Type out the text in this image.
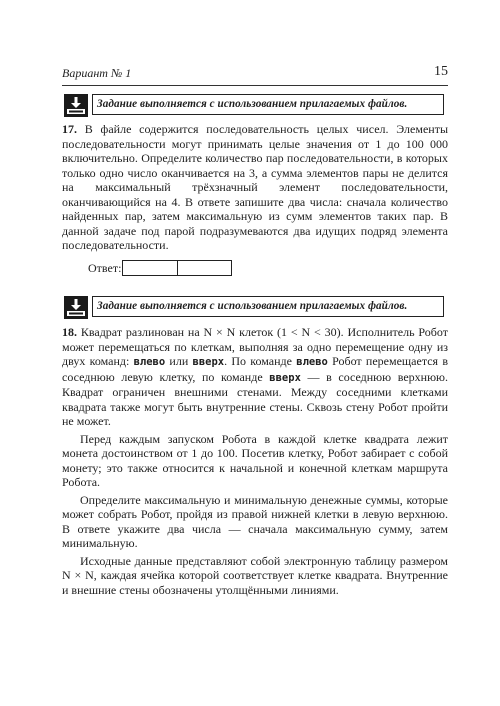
Вариант № 1	15
Задание выполняется с использованием прилагаемых файлов.

17. В файле содержится последовательность целых чисел. Элементы последовательности могут принимать целые значения от 1 до 100 000 включительно. Определите количество пар последовательности, в которых только одно число оканчивается на 3, а сумма элементов пары не делится на максимальный трёхзначный элемент последовательности, оканчивающийся на 4. В ответе запишите два числа: сначала количество найденных пар, затем максимальную из сумм элементов таких пар. В данной задаче под парой подразумеваются два идущих подряд элемента последовательности.

Ответ:
Задание выполняется с использованием прилагаемых файлов.

18. Квадрат разлинован на N × N клеток (1 < N < 30). Исполнитель Робот может перемещаться по клеткам, выполняя за одно перемещение одну из двух команд: влево или вверх. По команде влево Робот перемещается в соседнюю левую клетку, по команде вверх — в соседнюю верхнюю. Квадрат ограничен внешними стенами. Между соседними клетками квадрата также могут быть внутренние стены. Сквозь стену Робот пройти не может.

Перед каждым запуском Робота в каждой клетке квадрата лежит монета достоинством от 1 до 100. Посетив клетку, Робот забирает с собой монету; это также относится к начальной и конечной клеткам маршрута Робота.

Определите максимальную и минимальную денежные суммы, которые может собрать Робот, пройдя из правой нижней клетки в левую верхнюю. В ответе укажите два числа — сначала максимальную сумму, затем минимальную.

Исходные данные представляют собой электронную таблицу размером N × N, каждая ячейка которой соответствует клетке квадрата. Внутренние и внешние стены обозначены утолщёнными линиями.
